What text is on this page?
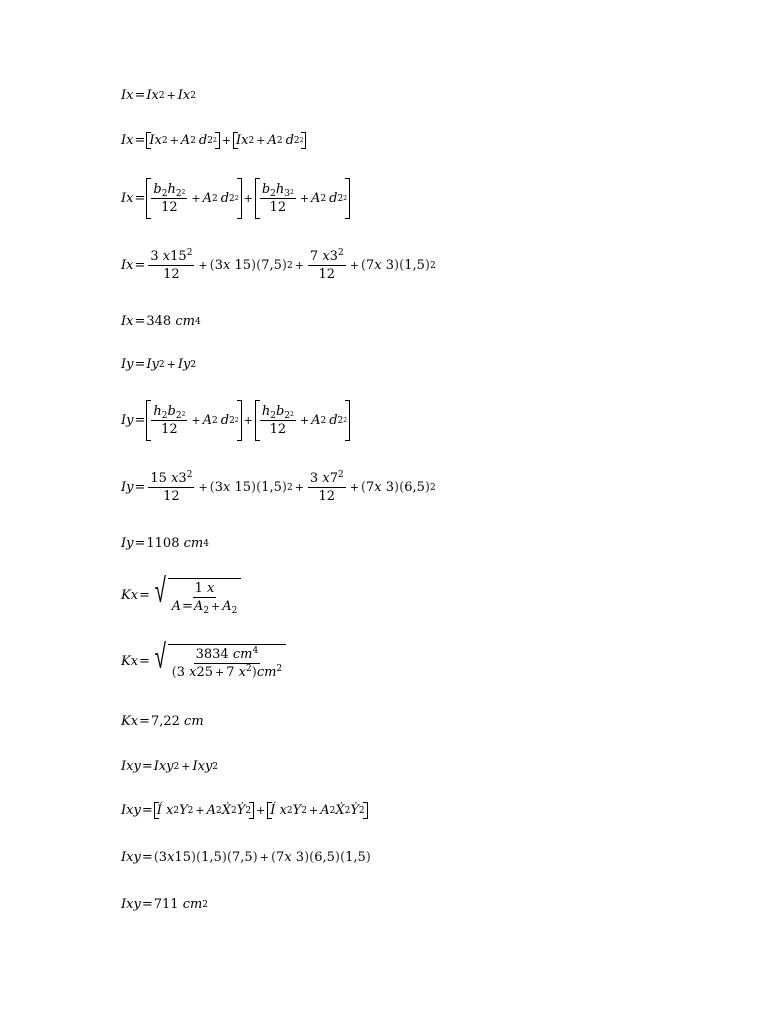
Ix = Ix 2 + Ix 2
Ix = Ix 2 + A 2 d 2 2 + Ix 2 + A 2 d 2 2
$Ix = \frac{b_2h_{22}}{12} + A$ 2 d 2 $2 + \frac{b_2h_{32}}{12} + A$ 2 d 2 2
$Ix = \frac{3 x15^2}{12}$ + ( 3 x
15 ) ( 7,5 ) $2 + \frac{7 x3^2}{12}$ + ( 7 x
3 ) ( 1,5 ) 2
Ix = 348
cm 4
Iy = Iy 2 + Iy 2
$Iy = \frac{h_2b_{22}}{12} + A$ 2 d 2 $2 + \frac{h_2b_{22}}{12} + A$ 2 d 2 2
$Iy = \frac{15 x3^2}{12}$ + ( 3 x
15 ) ( 1,5 ) $2 + \frac{3 x7^2}{12}$ + ( 7 x
3 ) ( 6,5 ) 2
Iy = 1108
cm 4
Kx = √ $\frac{1 x}{A=A_2 + A_2}$
Kx = √ $\frac{3834 cm^4}{(3 x25 + 7 x^2)cm^2}$
Kx = 7,22
cm
Ixy = Ixy 2 + Ixy 2
Ixy = Í
x 2 Y 2 + A 2 Ẋ 2 Ẏ 2 + Í
x 2 Y 2 + A 2 Ẋ 2 Ẏ 2
Ixy = ( 3 x 15 ) ( 1,5 ) ( 7,5 ) + ( 7 x
3 ) ( 6,5 ) ( 1,5 )
Ixy = 711
cm 2
